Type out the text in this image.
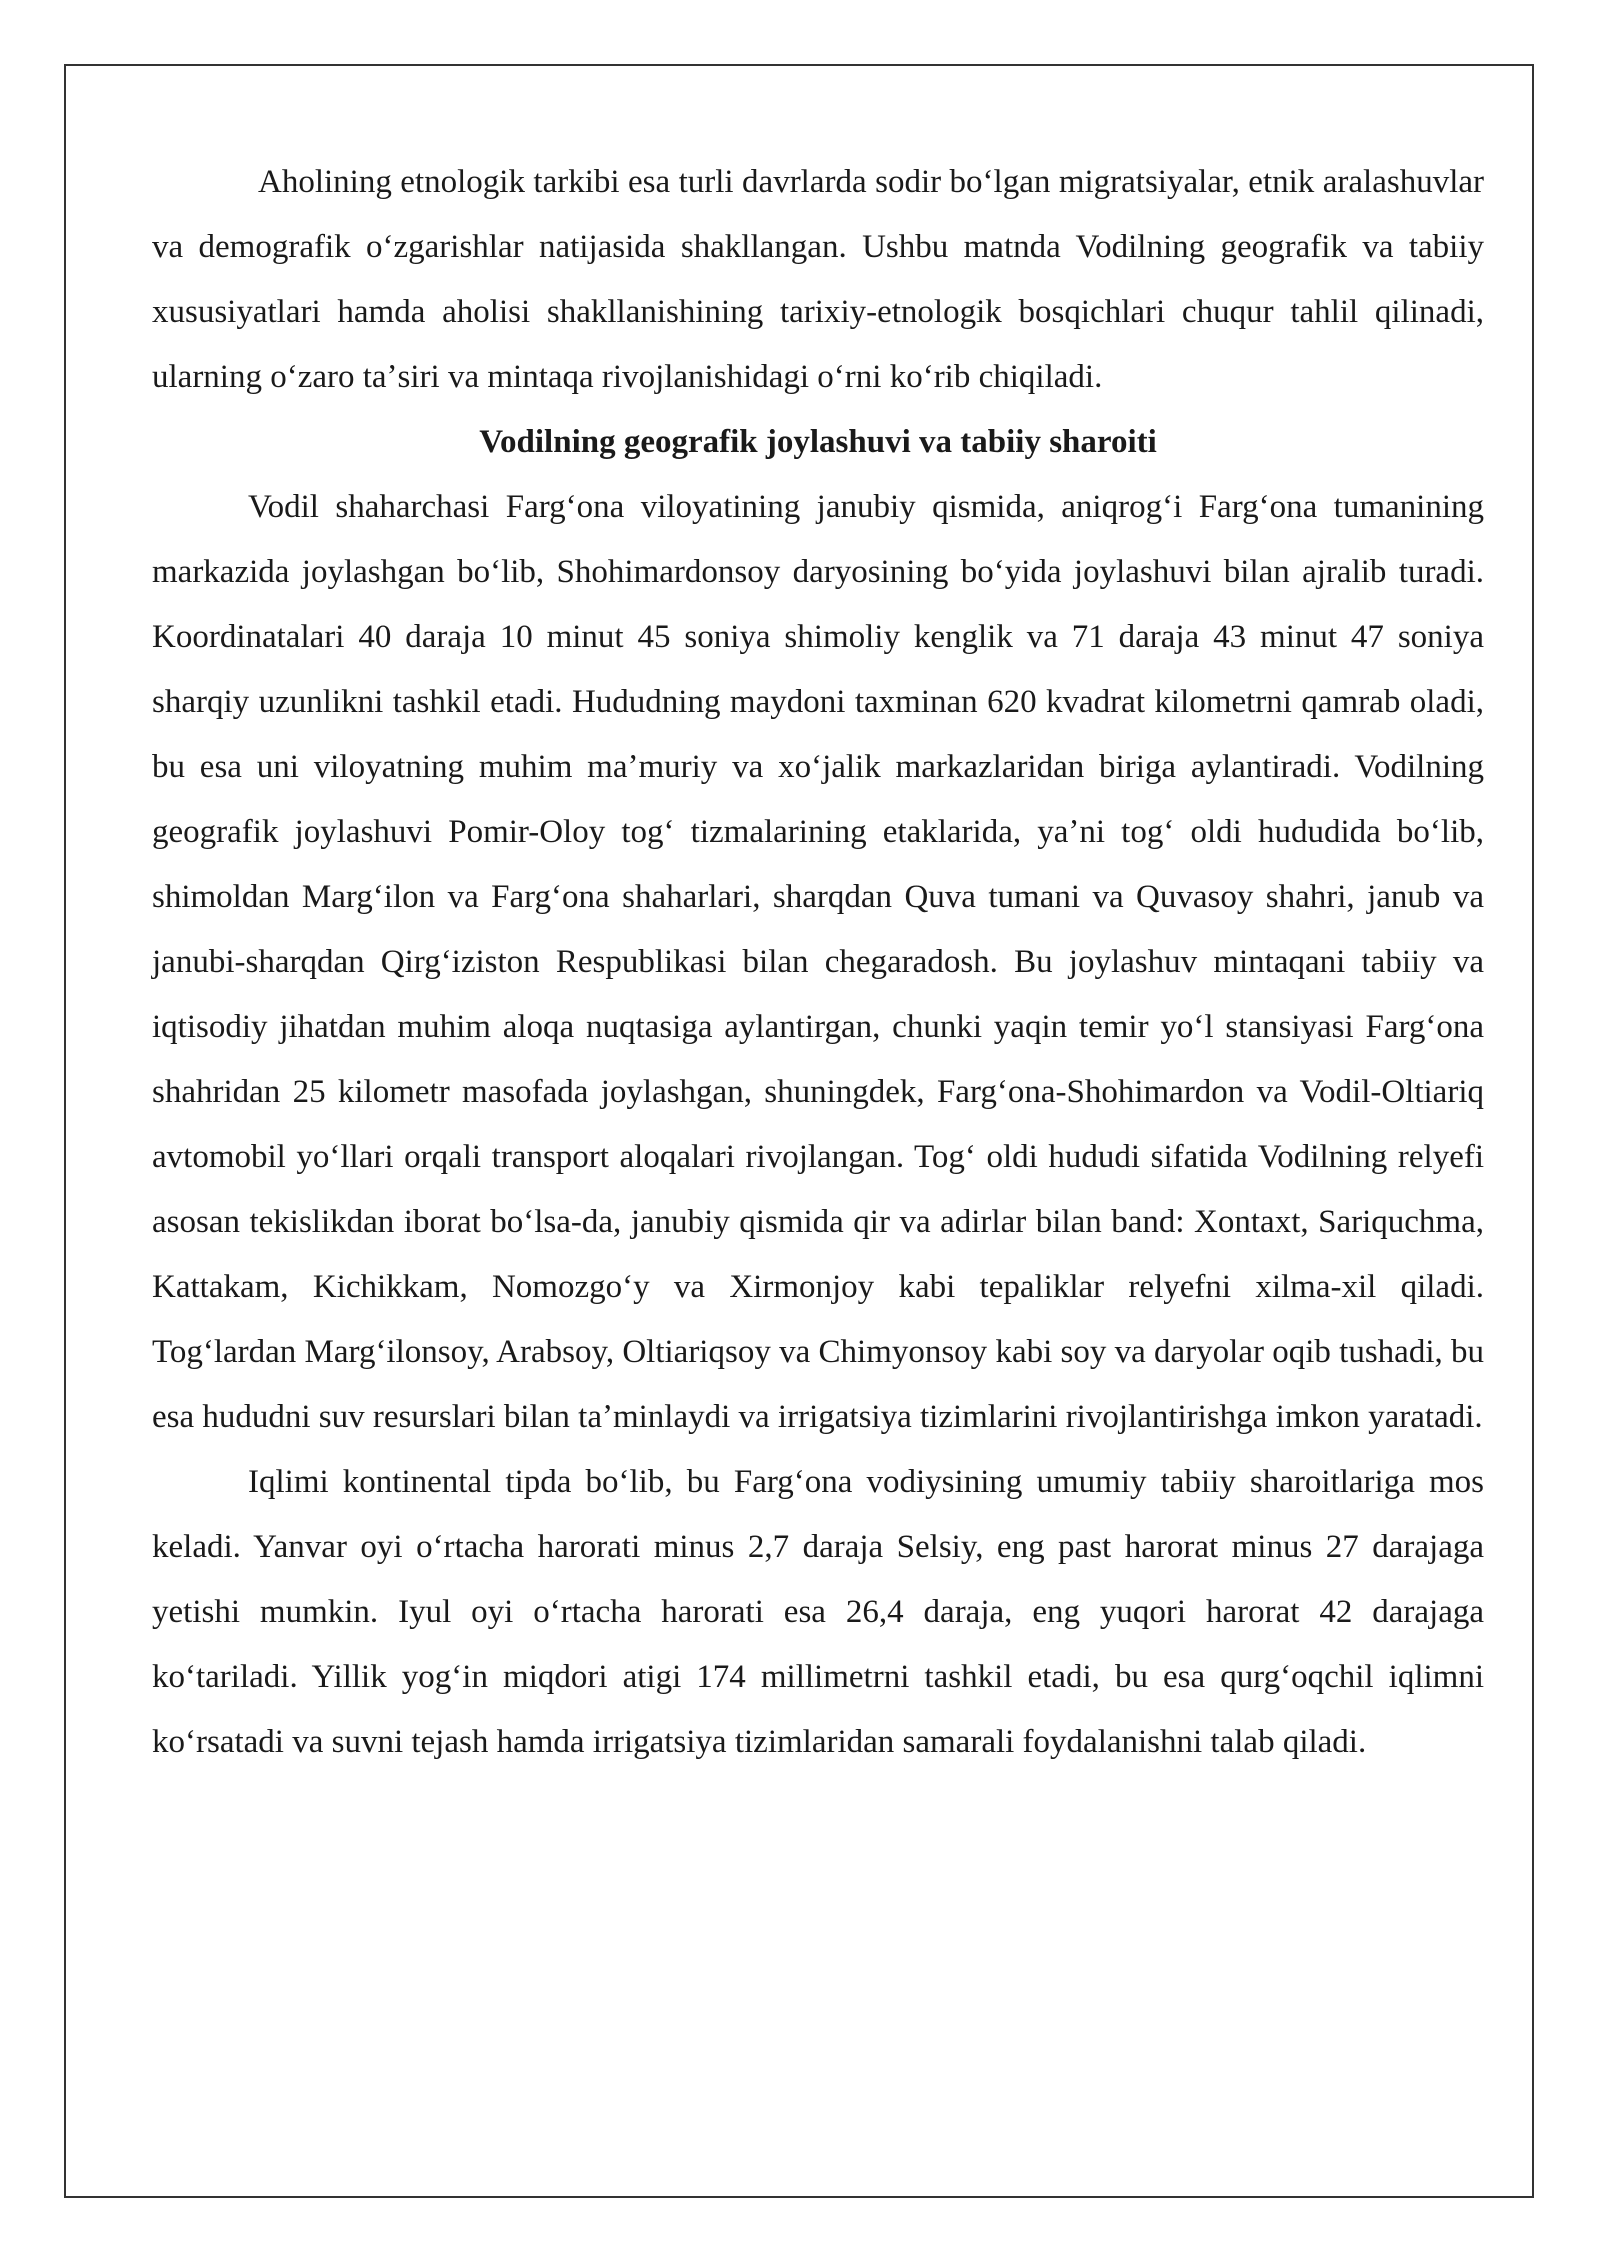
Aholining etnologik tarkibi esa turli davrlarda sodir boʻlgan migratsiyalar, etnik aralashuvlar va demografik oʻzgarishlar natijasida shakllangan. Ushbu matnda Vodilning geografik va tabiiy xususiyatlari hamda aholisi shakllanishining tarixiy-etnologik bosqichlari chuqur tahlil qilinadi, ularning oʻzaro taʼsiri va mintaqa rivojlanishidagi oʻrni koʻrib chiqiladi.

Vodilning geografik joylashuvi va tabiiy sharoiti

Vodil shaharchasi Fargʻona viloyatining janubiy qismida, aniqrogʻi Fargʻona tumanining markazida joylashgan boʻlib, Shohimardonsoy daryosining boʻyida joylashuvi bilan ajralib turadi. Koordinatalari 40 daraja 10 minut 45 soniya shimoliy kenglik va 71 daraja 43 minut 47 soniya sharqiy uzunlikni tashkil etadi. Hududning maydoni taxminan 620 kvadrat kilometrni qamrab oladi, bu esa uni viloyatning muhim maʼmuriy va xoʻjalik markazlaridan biriga aylantiradi. Vodilning geografik joylashuvi Pomir-Oloy togʻ tizmalarining etaklarida, yaʼni togʻ oldi hududida boʻlib, shimoldan Margʻilon va Fargʻona shaharlari, sharqdan Quva tumani va Quvasoy shahri, janub va janubi-sharqdan Qirgʻiziston Respublikasi bilan chegaradosh. Bu joylashuv mintaqani tabiiy va iqtisodiy jihatdan muhim aloqa nuqtasiga aylantirgan, chunki yaqin temir yoʻl stansiyasi Fargʻona shahridan 25 kilometr masofada joylashgan, shuningdek, Fargʻona-Shohimardon va Vodil-Oltiariq avtomobil yoʻllari orqali transport aloqalari rivojlangan. Togʻ oldi hududi sifatida Vodilning relyefi asosan tekislikdan iborat boʻlsa-da, janubiy qismida qir va adirlar bilan band: Xontaxt, Sariquchma, Kattakam, Kichikkam, Nomozgoʻy va Xirmonjoy kabi tepaliklar relyefni xilma-xil qiladi. Togʻlardan Margʻilonsoy, Arabsoy, Oltiariqsoy va Chimyonsoy kabi soy va daryolar oqib tushadi, bu esa hududni suv resurslari bilan taʼminlaydi va irrigatsiya tizimlarini rivojlantirishga imkon yaratadi.

Iqlimi kontinental tipda boʻlib, bu Fargʻona vodiysining umumiy tabiiy sharoitlariga mos keladi. Yanvar oyi oʻrtacha harorati minus 2,7 daraja Selsiy, eng past harorat minus 27 darajaga yetishi mumkin. Iyul oyi oʻrtacha harorati esa 26,4 daraja, eng yuqori harorat 42 darajaga koʻtariladi. Yillik yogʻin miqdori atigi 174 millimetrni tashkil etadi, bu esa qurgʻoqchil iqlimni koʻrsatadi va suvni tejash hamda irrigatsiya tizimlaridan samarali foydalanishni talab qiladi.
